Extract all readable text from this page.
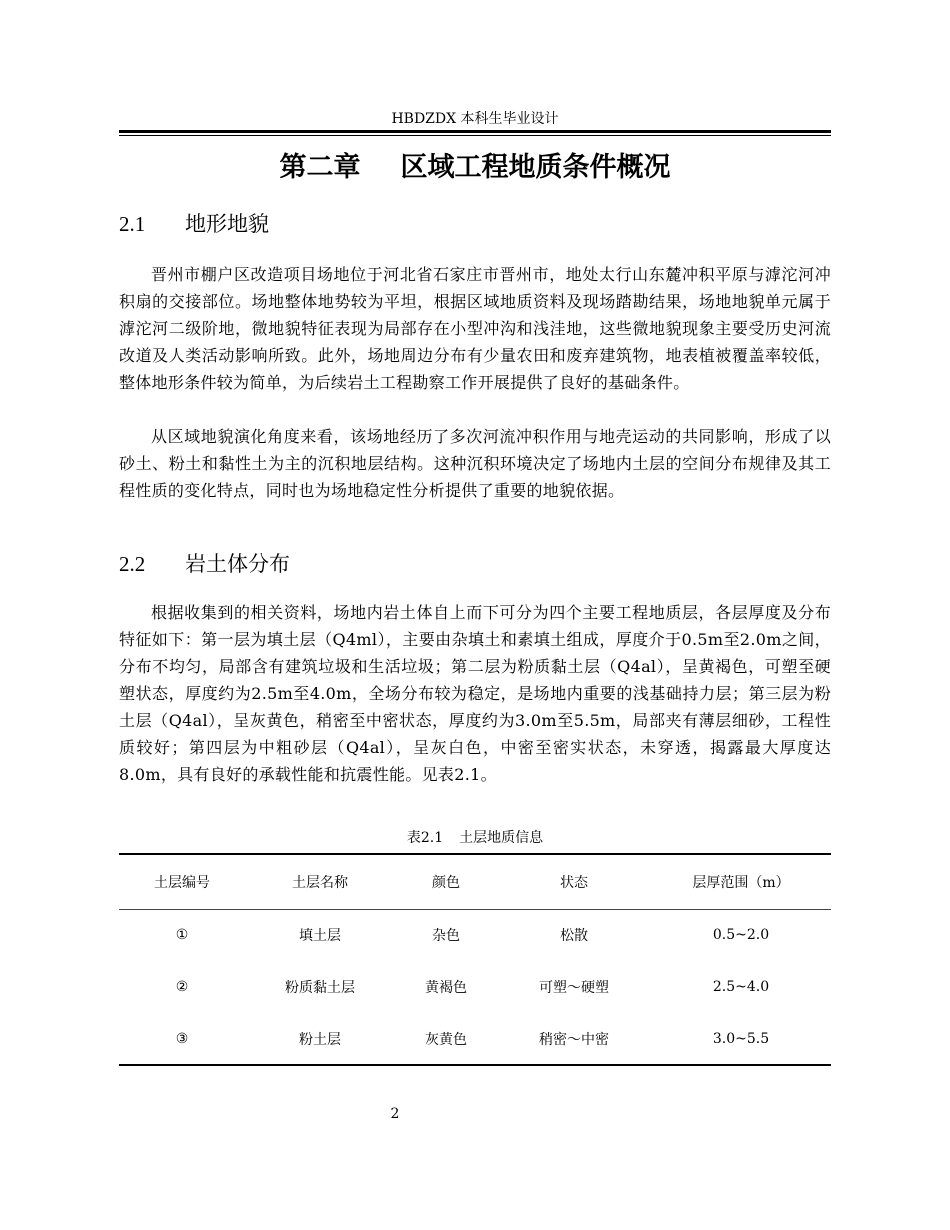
HBDZDX 本科生毕业设计
第二章 区域工程地质条件概况
2.1 地形地貌

晋州市棚户区改造项目场地位于河北省石家庄市晋州市，地处太行山东麓冲积平原与滹沱河冲积扇的交接部位。场地整体地势较为平坦，根据区域地质资料及现场踏勘结果，场地地貌单元属于滹沱河二级阶地，微地貌特征表现为局部存在小型冲沟和浅洼地，这些微地貌现象主要受历史河流改道及人类活动影响所致。此外，场地周边分布有少量农田和废弃建筑物，地表植被覆盖率较低，整体地形条件较为简单，为后续岩土工程勘察工作开展提供了良好的基础条件。

从区域地貌演化角度来看，该场地经历了多次河流冲积作用与地壳运动的共同影响，形成了以砂土、粉土和黏性土为主的沉积地层结构。这种沉积环境决定了场地内土层的空间分布规律及其工程性质的变化特点，同时也为场地稳定性分析提供了重要的地貌依据。

2.2 岩土体分布

根据收集到的相关资料，场地内岩土体自上而下可分为四个主要工程地质层，各层厚度及分布特征如下：第一层为填土层（Q4ml），主要由杂填土和素填土组成，厚度介于0.5m至2.0m之间，分布不均匀，局部含有建筑垃圾和生活垃圾；第二层为粉质黏土层（Q4al），呈黄褐色，可塑至硬塑状态，厚度约为2.5m至4.0m，全场分布较为稳定，是场地内重要的浅基础持力层；第三层为粉土层（Q4al），呈灰黄色，稍密至中密状态，厚度约为3.0m至5.5m，局部夹有薄层细砂，工程性质较好；第四层为中粗砂层（Q4al），呈灰白色，中密至密实状态，未穿透，揭露最大厚度达8.0m，具有良好的承载性能和抗震性能。见表2.1。

表2.1 土层地质信息
土层编号	土层名称	颜色	状态	层厚范围（m）
①	填土层	杂色	松散	0.5~2.0
②	粉质黏土层	黄褐色	可塑～硬塑	2.5~4.0
③	粉土层	灰黄色	稍密～中密	3.0~5.5
2
